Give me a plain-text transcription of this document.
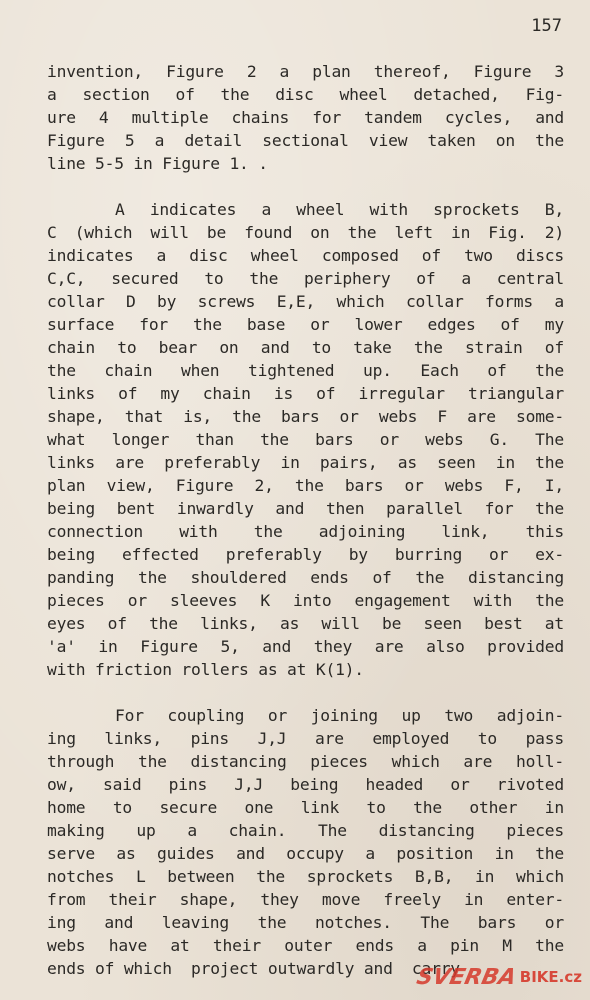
157
invention, Figure 2 a plan thereof, Figure 3
a section of the disc wheel detached, Fig-
ure 4 multiple chains for tandem cycles, and
Figure 5 a detail sectional view taken on the
line 5-5 in Figure 1. .
A indicates a wheel with sprockets B,
C (which will be found on the left in Fig. 2)
indicates a disc wheel composed of two discs
C,C, secured to the periphery of a central
collar D by screws E,E, which collar forms a
surface for the base or lower edges of my
chain to bear on and to take the strain of
the chain when tightened up. Each of the
links of my chain is of irregular triangular
shape, that is, the bars or webs F are some-
what longer than the bars or webs G. The
links are preferably in pairs, as seen in the
plan view, Figure 2, the bars or webs F, I,
being bent inwardly and then parallel for the
connection with the adjoining link, this
being effected preferably by burring or ex-
panding the shouldered ends of the distancing
pieces or sleeves K into engagement with the
eyes of the links, as will be seen best at
'a' in Figure 5, and they are also provided
with friction rollers as at K(1).
For coupling or joining up two adjoin-
ing links, pins J,J are employed to pass
through the distancing pieces which are holl-
ow, said pins J,J being headed or rivoted
home to secure one link to the other in
making up a chain. The distancing pieces
serve as guides and occupy a position in the
notches L between the sprockets B,B, in which
from their shape, they move freely in enter-
ing and leaving the notches. The bars or
webs have at their outer ends a pin M the
ends of which  project outwardly and  carry
SVERBA BIKE.cz
